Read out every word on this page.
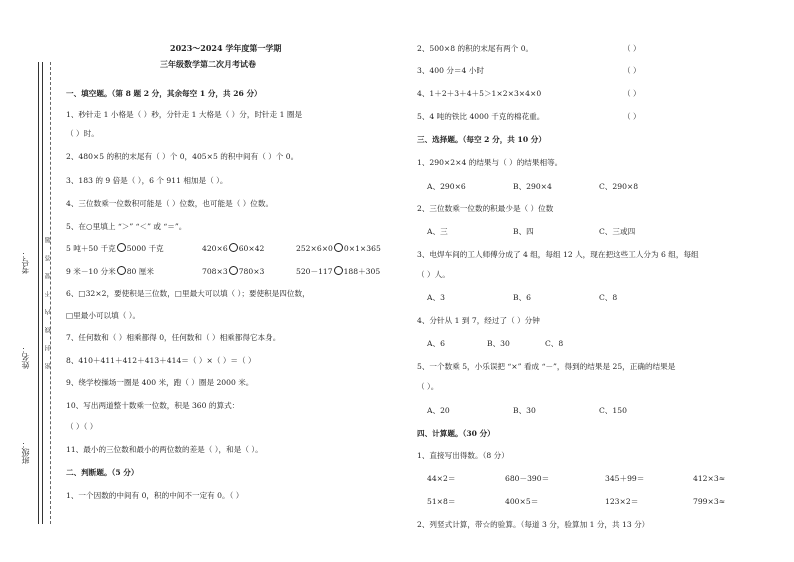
考号：
姓名：
班级：
密封线内不要答题
2023～2024 学年度第一学期
三年级数学第二次月考试卷
一、填空题。（第 8 题 2 分，其余每空 1 分，共 26 分）
1、秒针走 1 小格是（ ）秒，分针走 1 大格是（ ）分，时针走 1 圈是
（ ）时。
2、480×5 的积的末尾有（ ）个 0，405×5 的积中间有（ ）个 0。
3、183 的 9 倍是（ ），6 个 911 相加是（ ）。
4、三位数乘一位数积可能是（ ）位数，也可能是（ ）位数。
5、在○里填上 “＞” “＜” 或 “＝”。
5 吨＋50 千克 5000 千克	420×6 60×42	252×6×0 0×1×365
9 米－10 分米 80 厘米	708×3 780×3	520－117 188＋305
6、□32×2，要使积是三位数，□里最大可以填（ ）；要使积是四位数，
□里最小可以填（ ）。
7、任何数和（ ）相乘都得 0，任何数和（ ）相乘都得它本身。
8、410＋411＋412＋413＋414＝（ ）×（ ）＝（ ）
9、绕学校操场一圈是 400 米，跑（ ）圈是 2000 米。
10、写出两道整十数乘一位数，积是 360 的算式：
（ ）（ ）
11、最小的三位数和最小的两位数的差是（ ），和是（ ）。
二、判断题。（5 分）
1、一个因数的中间有 0，积的中间不一定有 0。（ ）
2、500×8 的积的末尾有两个 0。	（ ）
3、400 分＝4 小时	（ ）
4、1＋2＋3＋4＋5＞1×2×3×4×0	（ ）
5、4 吨的铁比 4000 千克的棉花重。	（ ）
三、选择题。（每空 2 分，共 10 分）
1、290×2×4 的结果与（ ）的结果相等。
A、290×6	B、290×4	C、290×8
2、三位数乘一位数的积最少是（ ）位数
A、三	B、四	C、三或四
3、电焊车间的工人师傅分成了 4 组，每组 12 人，现在把这些工人分为 6 组，每组
（ ）人。
A、3	B、6	C、8
4、分针从 1 到 7，经过了（ ）分钟
A、6	B、30	C、8
5、一个数乘 5，小乐误把 “×” 看成 “－”，得到的结果是 25，正确的结果是
（ ）。
A、20	B、30	C、150
四、计算题。（30 分）
1、直接写出得数。（8 分）
44×2＝	680－390＝	345＋99＝	412×3≈
51×8＝	400×5＝	123×2＝	799×3≈
2、列竖式计算，带☆的验算。（每道 3 分，验算加 1 分，共 13 分）
